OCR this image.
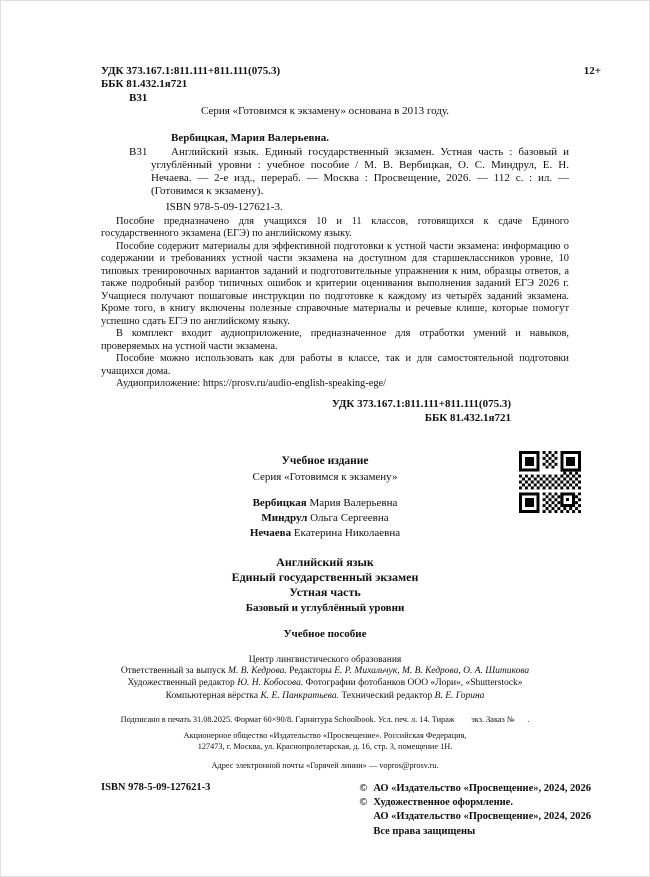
УДК 373.167.1:811.111+811.111(075.3)
ББК 81.432.1я721
В31
12+
Серия «Готовимся к экзамену» основана в 2013 году.
Вербицкая, Мария Валерьевна.
В31	Английский язык. Единый государственный экзамен. Устная часть : базовый и углублённый уровни : учебное пособие / М. В. Вербицкая, О. С. Миндрул, Е. Н. Нечаева. — 2-е изд., перераб. — Москва : Просвещение, 2026. — 112 с. : ил. — (Готовимся к экзамену).

ISBN 978-5-09-127621-3.

Пособие предназначено для учащихся 10 и 11 классов, готовящихся к сдаче Единого государственного экзамена (ЕГЭ) по английскому языку.

Пособие содержит материалы для эффективной подготовки к устной части экзамена: информацию о содержании и требованиях устной части экзамена на доступном для старшеклассников уровне, 10 типовых тренировочных вариантов заданий и подготовительные упражнения к ним, образцы ответов, а также подробный разбор типичных ошибок и критерии оценивания выполнения заданий ЕГЭ 2026 г. Учащиеся получают пошаговые инструкции по подготовке к каждому из четырёх заданий экзамена. Кроме того, в книгу включены полезные справочные материалы и речевые клише, которые помогут успешно сдать ЕГЭ по английскому языку.

В комплект входит аудиоприложение, предназначенное для отработки умений и навыков, проверяемых на устной части экзамена.

Пособие можно использовать как для работы в классе, так и для самостоятельной подготовки учащихся дома.

Аудиоприложение: https://prosv.ru/audio-english-speaking-ege/

УДК 373.167.1:811.111+811.111(075.3)
ББК 81.432.1я721
Учебное издание
Серия «Готовимся к экзамену»
Вербицкая Мария Валерьевна
Миндрул Ольга Сергеевна
Нечаева Екатерина Николаевна
Английский язык
Единый государственный экзамен
Устная часть
Базовый и углублённый уровни
Учебное пособие
Центр лингвистического образования
Ответственный за выпуск М. В. Кедрова. Редакторы Е. Р. Михальчук, М. В. Кедрова, О. А. Шитикова
Художественный редактор Ю. Н. Кобосова. Фотографии фотобанков ООО «Лори», «Shutterstock»
Компьютерная вёрстка К. Е. Панкратьева. Технический редактор В. Е. Горина
Подписано в печать 31.08.2025. Формат 60×90/8. Гарнитура Schoolbook. Усл. печ. л. 14. Тираж        экз. Заказ №      .
Акционерное общество «Издательство «Просвещение». Российская Федерация,
127473, г. Москва, ул. Краснопролетарская, д. 16, стр. 3, помещение 1Н.
Адрес электронной почты «Горячей линии» — vopros@prosv.ru.
ISBN 978-5-09-127621-3	© АО «Издательство «Просвещение», 2024, 2026
© Художественное оформление.
АО «Издательство «Просвещение», 2024, 2026
Все права защищены
